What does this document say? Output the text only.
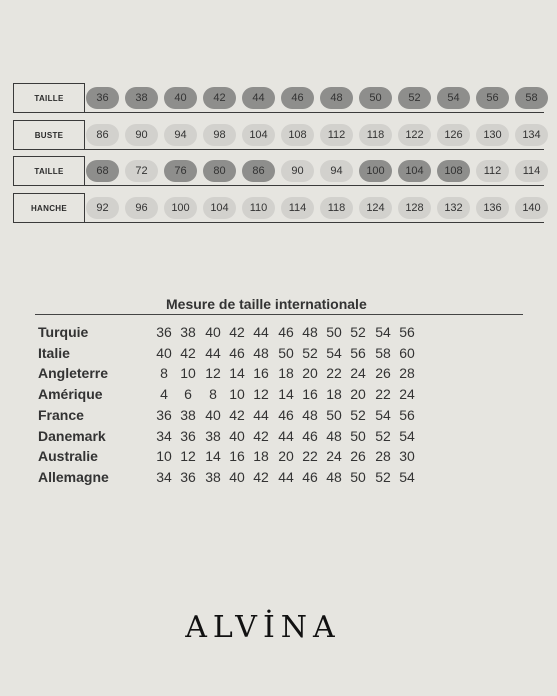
TAILLE	36	38	40	42	44	46	48	50	52	54	56	58
BUSTE	86	90	94	98	104	108	112	118	122	126	130	134
TAILLE	68	72	76	80	86	90	94	100	104	108	112	114
HANCHE	92	96	100	104	110	114	118	124	128	132	136	140
Mesure de taille internationale
Turquie	36 38 40 42 44 46 48 50 52 54 56
Italie	40 42 44 46 48 50 52 54 56 58 60
Angleterre	8 10 12 14 16 18 20 22 24 26 28
Amérique	4	6	8 10 12 14 16 18 20 22 24
France	36 38 40 42 44 46 48 50 52 54 56
Danemark	34 36 38 40 42 44 46 48 50 52 54
Australie	10 12 14 16 18 20 22 24 26 28 30
Allemagne	34 36 38 40 42 44 46 48 50 52 54
ALVİNA
